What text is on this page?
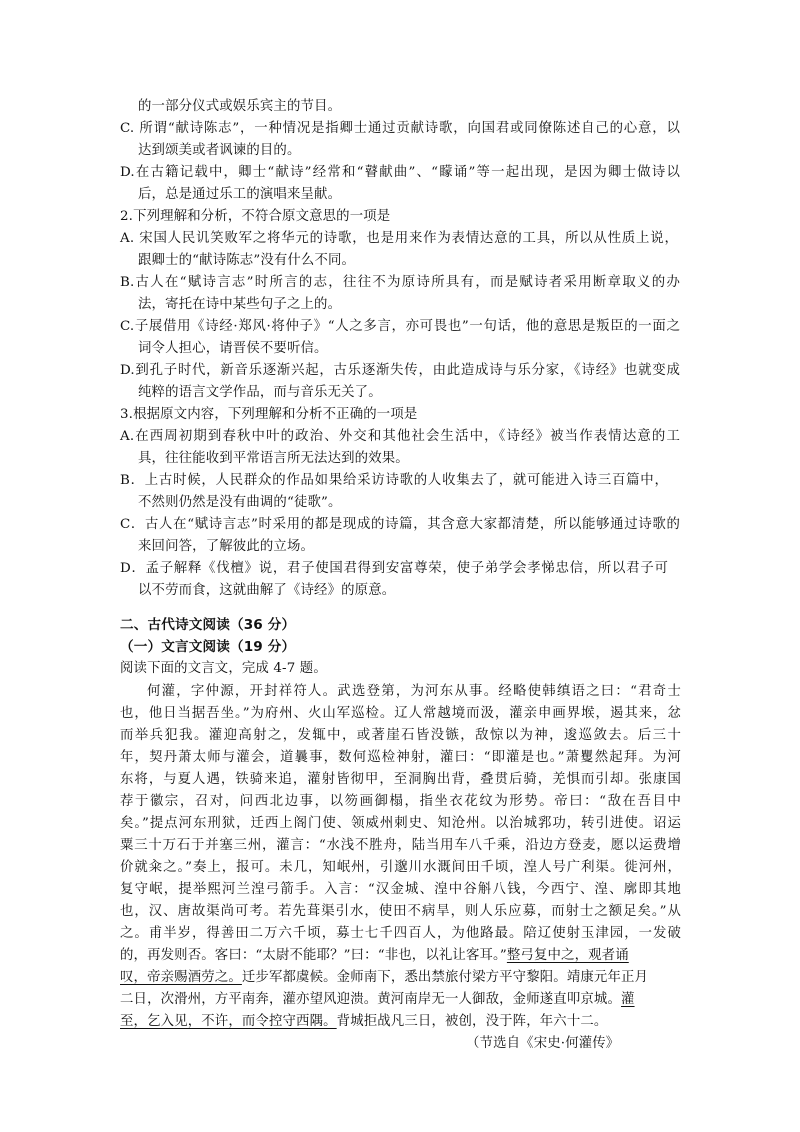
的一部分仪式或娱乐宾主的节目。
C. 所谓“献诗陈志”，一种情况是指卿士通过贡献诗歌，向国君或同僚陈述自己的心意，以
达到颂美或者讽谏的目的。
D.在古籍记载中，卿士“献诗”经常和“瞽献曲”、“矇诵”等一起出现，是因为卿士做诗以
后，总是通过乐工的演唱来呈献。
2.下列理解和分析，不符合原文意思的一项是
A. 宋国人民讥笑败军之将华元的诗歌，也是用来作为表情达意的工具，所以从性质上说，
跟卿士的“献诗陈志”没有什么不同。
B.古人在“赋诗言志”时所言的志，往往不为原诗所具有，而是赋诗者采用断章取义的办
法，寄托在诗中某些句子之上的。
C.子展借用《诗经·郑风·将仲子》“人之多言，亦可畏也”一句话，他的意思是叛臣的一面之
词令人担心，请晋侯不要听信。
D.到孔子时代，新音乐逐渐兴起，古乐逐渐失传，由此造成诗与乐分家，《诗经》也就变成
纯粹的语言文学作品，而与音乐无关了。
3.根据原文内容，下列理解和分析不正确的一项是
A.在西周初期到春秋中叶的政治、外交和其他社会生活中，《诗经》被当作表情达意的工
具，往往能收到平常语言所无法达到的效果。
B．上古时候，人民群众的作品如果给采访诗歌的人收集去了，就可能进入诗三百篇中，
不然则仍然是没有曲调的“徒歌”。
C．古人在“赋诗言志”时采用的都是现成的诗篇，其含意大家都清楚，所以能够通过诗歌的
来回问答，了解彼此的立场。
D．孟子解释《伐檀》说，君子使国君得到安富尊荣，使子弟学会孝悌忠信，所以君子可
以不劳而食，这就曲解了《诗经》的原意。
二、古代诗文阅读（36 分）
（一）文言文阅读（19 分）
阅读下面的文言文，完成 4-7 题。
何灌，字仲源，开封祥符人。武选登第，为河东从事。经略使韩缜语之曰：“君奇士
也，他日当据吾坐。”为府州、火山军巡检。辽人常越境而汲，灌亲申画界堠，遏其来，忿
而举兵犯我。灌迎高射之，发辄中，或著崖石皆没镞，敌惊以为神，逡巡敛去。后三十
年，契丹萧太师与灌会，道曩事，数何巡检神射，灌曰：“即灌是也。”萧矍然起拜。为河
东将，与夏人遇，铁骑来追，灌射皆彻甲，至洞胸出背，叠贯后骑，羌惧而引却。张康国
荐于徽宗，召对，问西北边事，以笏画御榻，指坐衣花纹为形势。帝曰：“敌在吾目中
矣。”提点河东刑狱，迁西上阁门使、领威州刺史、知沧州。以治城郛功，转引进使。诏运
粟三十万石于并塞三州，灌言：“水浅不胜舟，陆当用车八千乘，沿边方登麦，愿以运费增
价就籴之。”奏上，报可。未几，知岷州，引邈川水溉间田千顷，湟人号广利渠。徙河州，
复守岷，提举熙河兰湟弓箭手。入言：“汉金城、湟中谷斛八钱，今西宁、湟、廓即其地
也，汉、唐故渠尚可考。若先葺渠引水，使田不病旱，则人乐应募，而射士之额足矣。”从
之。甫半岁，得善田二万六千顷，募士七千四百人，为他路最。陪辽使射玉津园，一发破
的，再发则否。客曰：“太尉不能耶？”曰：“非也，以礼让客耳。”整弓复中之，观者诵
叹，帝亲赐酒劳之。迁步军都虞候。金师南下，悉出禁旅付梁方平守黎阳。靖康元年正月
二日，次滑州，方平南奔，灌亦望风迎溃。黄河南岸无一人御敌，金师遂直叩京城。灌
至，乞入见，不许，而令控守西隅。背城拒战凡三日，被创，没于阵，年六十二。
（节选自《宋史·何灌传》
